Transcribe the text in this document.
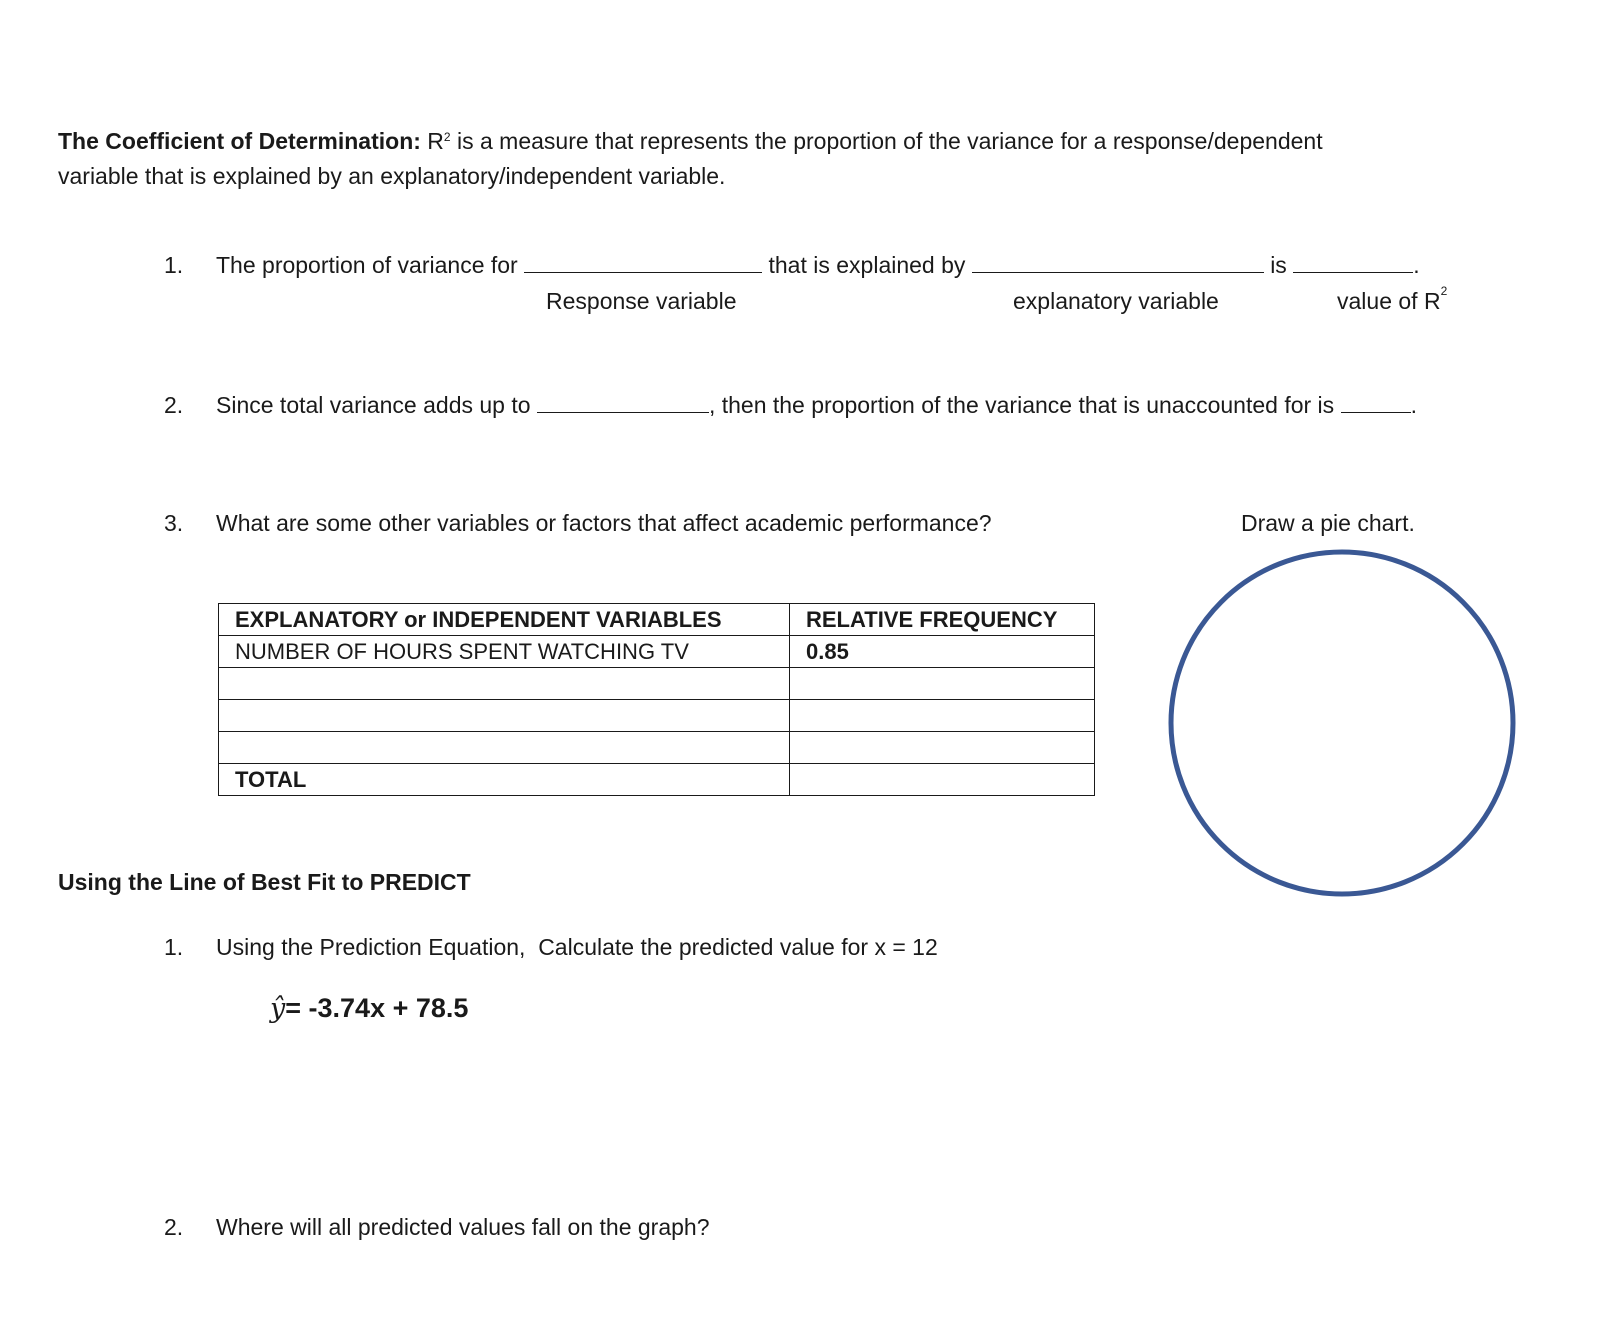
The Coefficient of Determination: $R^2$ is a measure that represents the proportion of the variance for a response/dependent
variable that is explained by an explanatory/independent variable.
1. The proportion of variance for	that is explained by	is	.
Response variable	explanatory variable	value of $R^2$
2. Since total variance adds up to	, then the proportion of the variance that is unaccounted for is	.
3. What are some other variables or factors that affect academic performance?	Draw a pie chart.
EXPLANATORY or INDEPENDENT VARIABLES	RELATIVE FREQUENCY
NUMBER OF HOURS SPENT WATCHING TV	0.85

TOTAL	
Using the Line of Best Fit to PREDICT
1. Using the Prediction Equation,  Calculate the predicted value for x = 12
ŷ= -3.74x + 78.5
2. Where will all predicted values fall on the graph?
